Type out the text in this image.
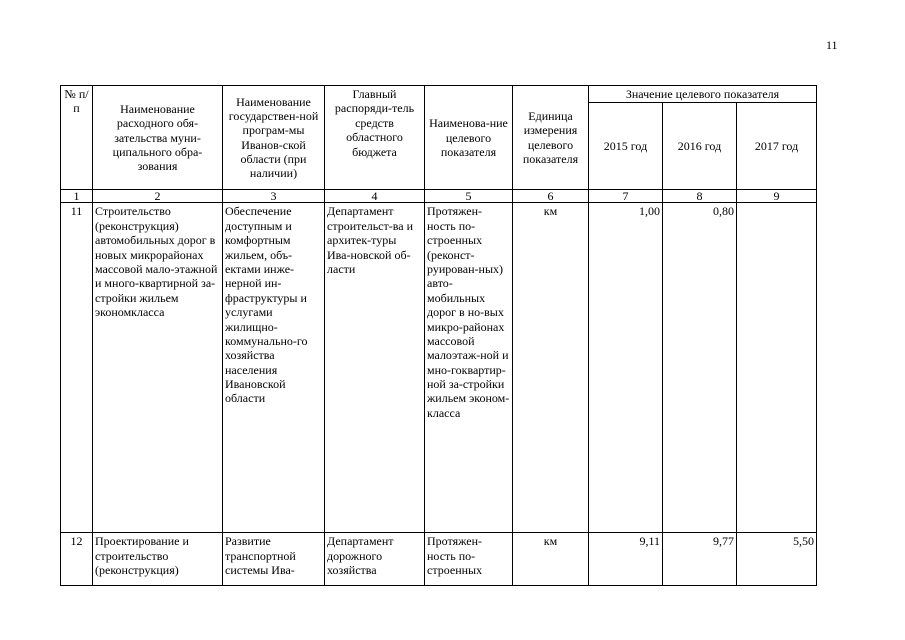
11
№ п/п	Наименование расходного обя-зательства муни-ципального обра-зования	Наименование государствен-ной програм-мы Иванов-ской области (при наличии)	Главный распоряди-тель средств областного бюджета	Наименова-ние целевого показателя	Единица измерения целевого показателя	Значение целевого показателя		
						2015 год	2016 год	2017 год
1	2	3	4	5	6	7	8	9
11	Строительство (реконструкция) автомобильных дорог в новых микрорайонах массовой мало-этажной и много-квартирной за-стройки жильем экономкласса	Обеспечение доступным и комфортным жильем, объ-ектами инже-нерной ин-фраструктуры и услугами жилищно-коммунально-го хозяйства населения Ивановской области	Департамент строительст-ва и архитек-туры Ива-новской об-ласти	Протяжен-ность по-строенных (реконст-руирован-ных) авто-мобильных дорог в но-вых микро-районах массовой малоэтаж-ной и мно-гоквартир-ной за-стройки жильем эконом-класса	км	1,00	0,80	

12	Проектирование и строительство (реконструкция)	Развитие транспортной системы Ива-	Департамент дорожного хозяйства	Протяжен-ность по-строенных	км	9,11	9,77	5,50
